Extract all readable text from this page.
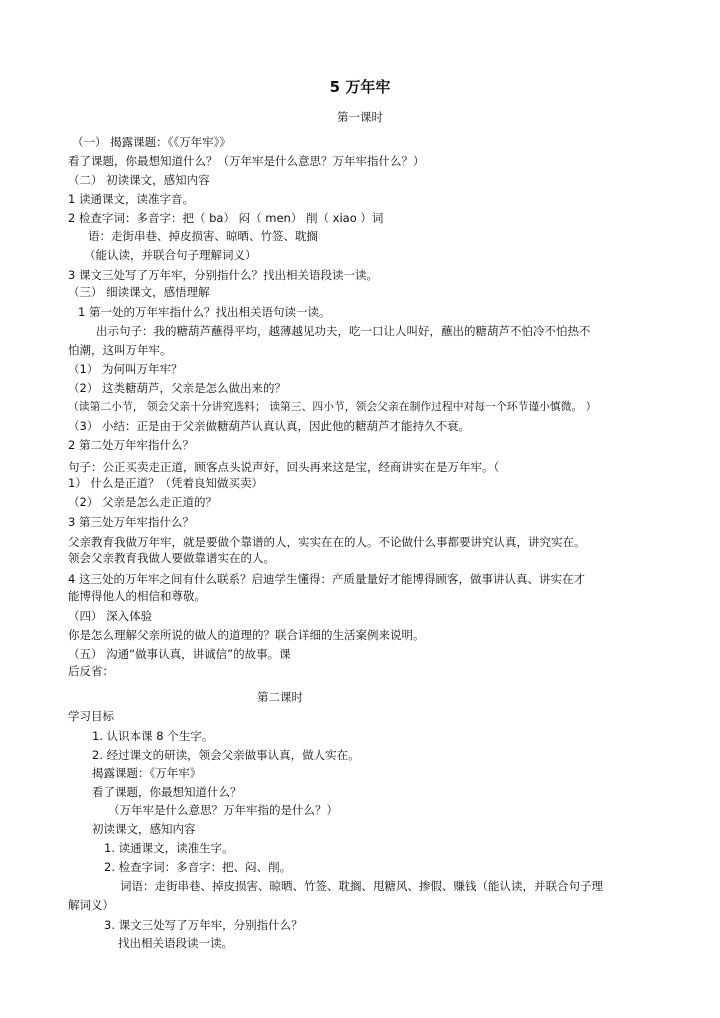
5 万年牢
第一课时
（一） 揭露课题：《《万年牢》》
看了课题，你最想知道什么？（万年牢是什么意思？万年牢指什么？）
（二） 初读课文，感知内容
1 读通课文，读准字音。
2 检查字词：多音字：把（ ba） 闷（ men） 削（ xiao ）词
语：走街串巷、掉皮损害、晾晒、竹签、耽搁
（能认读，并联合句子理解词义）
3 课文三处写了万年牢，分别指什么？找出相关语段读一读。
（三） 细读课文，感悟理解
1 第一处的万年牢指什么？找出相关语句读一读。
出示句子：我的糖葫芦蘸得平均，越薄越见功夫，吃一口让人叫好，蘸出的糖葫芦不怕冷不怕热不
怕潮，这叫万年牢。
（1） 为何叫万年牢？
（2） 这类糖葫芦，父亲是怎么做出来的？
（读第二小节， 领会父亲十分讲究选料； 读第三、四小节，领会父亲在制作过程中对每一个环节谨小慎微。 ）
（3） 小结：正是由于父亲做糖葫芦认真认真，因此他的糖葫芦才能持久不衰。
2 第二处万年牢指什么？
句子：公正买卖走正道，顾客点头说声好，回头再来这是宝，经商讲实在是万年牢。（
1） 什么是正道？（凭着良知做买卖）
（2） 父亲是怎么走正道的？
3 第三处万年牢指什么？
父亲教育我做万年牢，就是要做个靠谱的人，实实在在的人。不论做什么事都要讲究认真，讲究实在。
领会父亲教育我做人要做靠谱实在的人。
4 这三处的万年牢之间有什么联系？启迪学生懂得：产质量量好才能博得顾客，做事讲认真、讲实在才
能博得他人的相信和尊敬。
（四） 深入体验
你是怎么理解父亲所说的做人的道理的？联合详细的生活案例来说明。
（五） 沟通“做事认真，讲诚信”的故事。课
后反省：
第二课时
学习目标
1. 认识本课 8 个生字。
2. 经过课文的研读，领会父亲做事认真，做人实在。
揭露课题：《万年牢》
看了课题，你最想知道什么？
（万年牢是什么意思？万年牢指的是什么？）
初读课文，感知内容
1. 读通课文，读准生字。
2. 检查字词：多音字：把、闷、削。
词语：走街串巷、掉皮损害、晾晒、竹签、耽搁、甩糖风、掺假、赚钱（能认读，并联合句子理
解词义）
3. 课文三处写了万年牢，分别指什么？
找出相关语段读一读。
